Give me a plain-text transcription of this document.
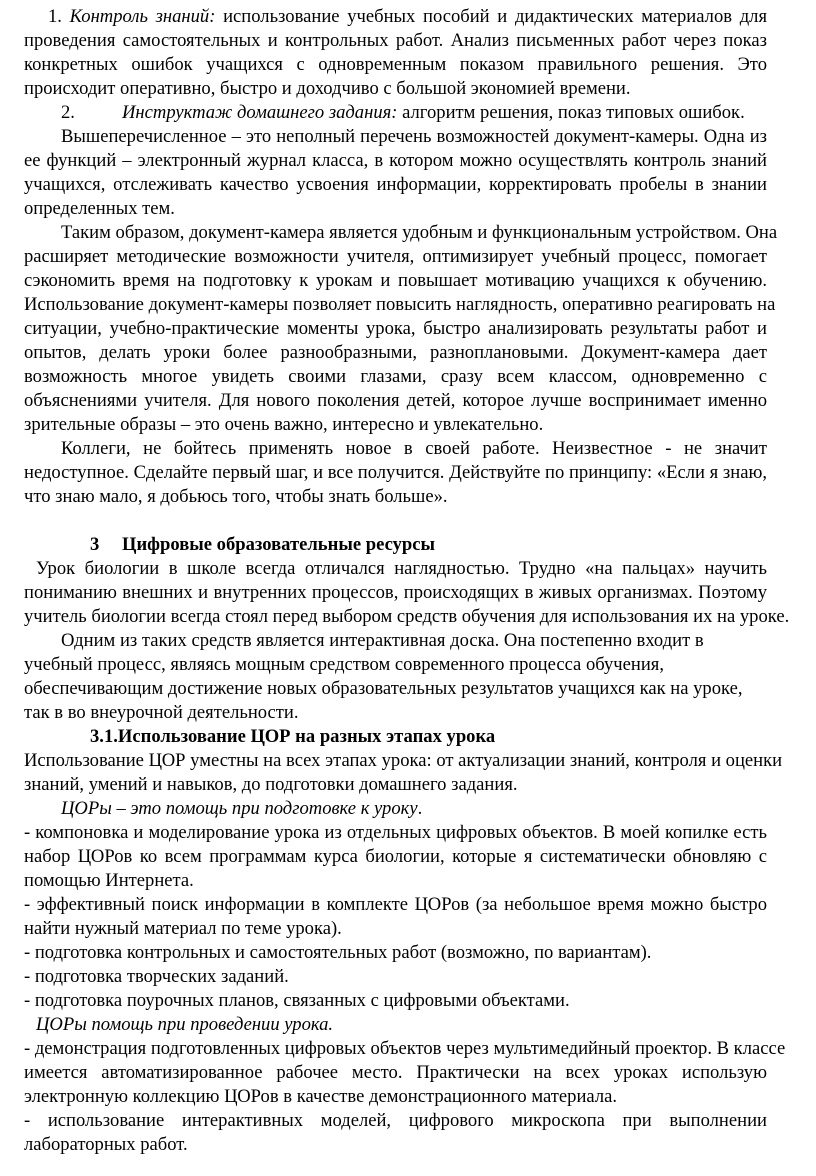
1. Контроль знаний: использование учебных пособий и дидактических материалов для
проведения самостоятельных и контрольных работ. Анализ письменных работ через показ
конкретных ошибок учащихся с одновременным показом правильного решения. Это
происходит оперативно, быстро и доходчиво с большой экономией времени.
2.	Инструктаж домашнего задания: алгоритм решения, показ типовых ошибок.
Вышеперечисленное – это неполный перечень возможностей документ-камеры. Одна из
ее функций – электронный журнал класса, в котором можно осуществлять контроль знаний
учащихся, отслеживать качество усвоения информации, корректировать пробелы в знании
определенных тем.
Таким образом, документ-камера является удобным и функциональным устройством. Она
расширяет методические возможности учителя, оптимизирует учебный процесс, помогает
сэкономить время на подготовку к урокам и повышает мотивацию учащихся к обучению.
Использование документ-камеры позволяет повысить наглядность, оперативно реагировать на
ситуации, учебно-практические моменты урока, быстро анализировать результаты работ и
опытов, делать уроки более разнообразными, разноплановыми. Документ-камера дает
возможность многое увидеть своими глазами, сразу всем классом, одновременно с
объяснениями учителя. Для нового поколения детей, которое лучше воспринимает именно
зрительные образы – это очень важно, интересно и увлекательно.
Коллеги, не бойтесь применять новое в своей работе. Неизвестное - не значит
недоступное. Сделайте первый шаг, и все получится. Действуйте по принципу: «Если я знаю,
что знаю мало, я добьюсь того, чтобы знать больше».
3 Цифровые образовательные ресурсы
Урок биологии в школе всегда отличался наглядностью. Трудно «на пальцах» научить
пониманию внешних и внутренних процессов, происходящих в живых организмах. Поэтому
учитель биологии всегда стоял перед выбором средств обучения для использования их на уроке.
Одним из таких средств является интерактивная доска. Она постепенно входит в
учебный процесс, являясь мощным средством современного процесса обучения,
обеспечивающим достижение новых образовательных результатов учащихся как на уроке,
так в во внеурочной деятельности.
3.1.Использование ЦОР на разных этапах урока
Использование ЦОР уместны на всех этапах урока: от актуализации знаний, контроля и оценки
знаний, умений и навыков, до подготовки домашнего задания.
ЦОРы – это помощь при подготовке к уроку.
- компоновка и моделирование урока из отдельных цифровых объектов. В моей копилке есть
набор ЦОРов ко всем программам курса биологии, которые я систематически обновляю с
помощью Интернета.
- эффективный поиск информации в комплекте ЦОРов (за небольшое время можно быстро
найти нужный материал по теме урока).
- подготовка контрольных и самостоятельных работ (возможно, по вариантам).
- подготовка творческих заданий.
- подготовка поурочных планов, связанных с цифровыми объектами.
ЦОРы помощь при проведении урока.
- демонстрация подготовленных цифровых объектов через мультимедийный проектор. В классе
имеется автоматизированное рабочее место. Практически на всех уроках использую
электронную коллекцию ЦОРов в качестве демонстрационного материала.
- использование интерактивных моделей, цифрового микроскопа при выполнении
лабораторных работ.
